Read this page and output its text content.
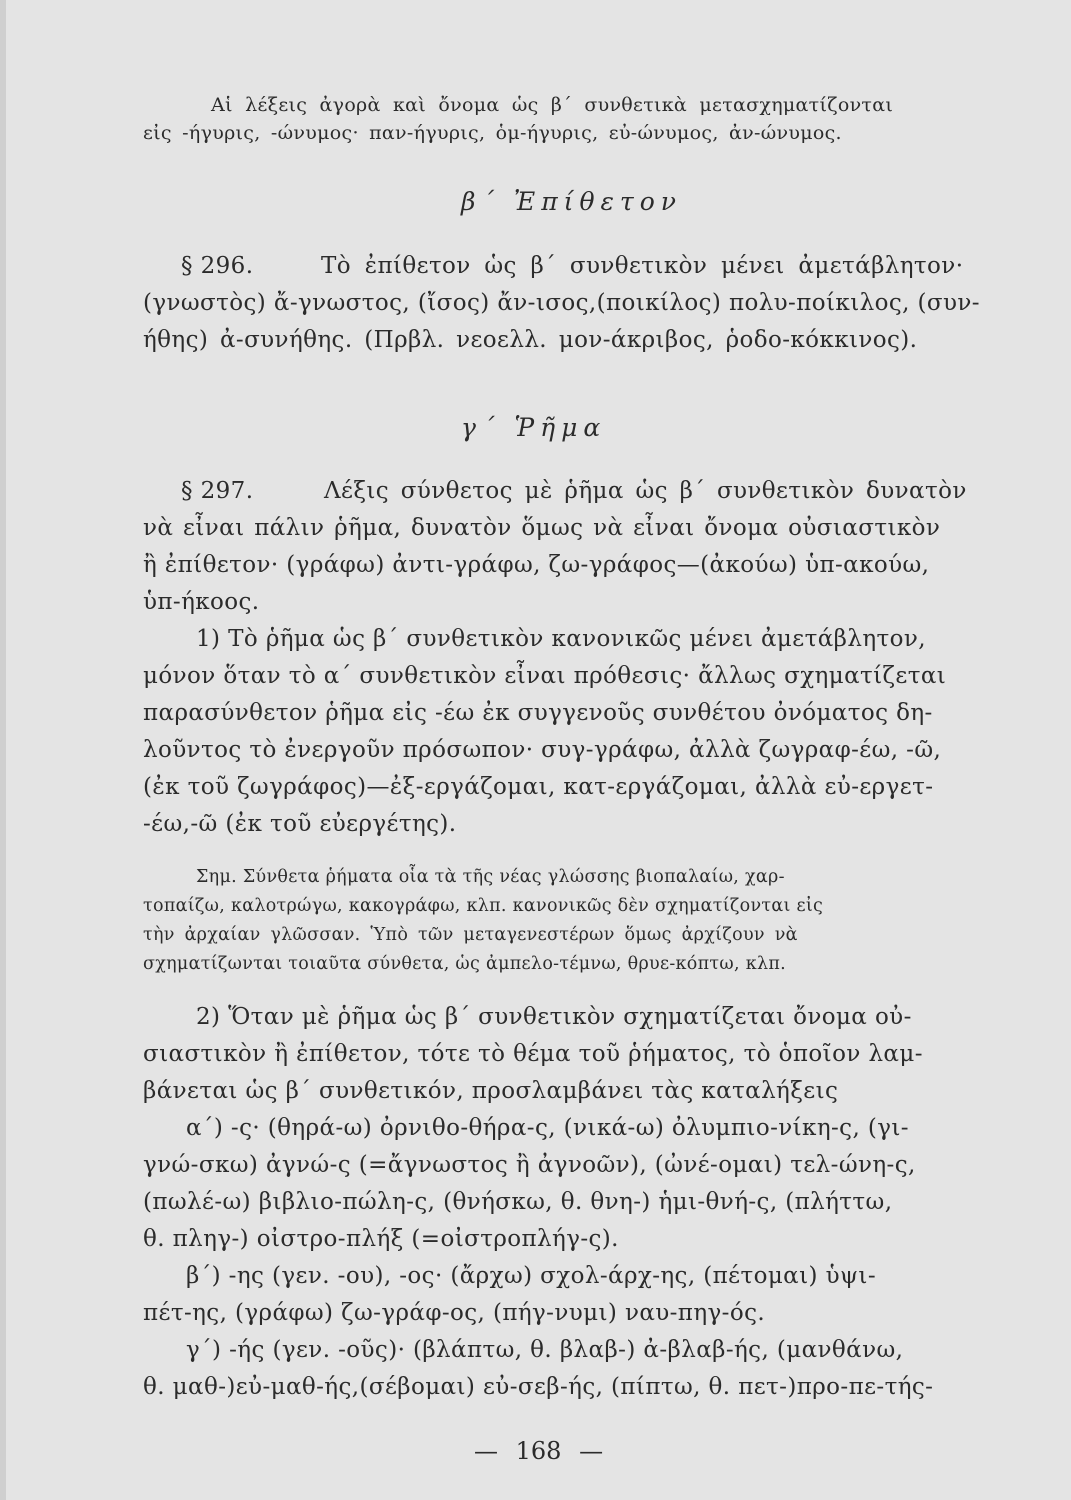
Αἱ λέξεις ἀγορὰ καὶ ὄνομα ὡς β΄ συνθετικὰ μετασχηματίζονται
εἰς -ήγυρις, -ώνυμος· παν-ήγυρις, ὁμ-ήγυρις, εὐ-ώνυμος, ἀν-ώνυμος.
β΄ Ἐπίθετον
§ 296.	Τὸ ἐπίθετον ὡς β΄ συνθετικὸν μένει ἀμετάβλητον·
(γνωστὸς) ἄ-γνωστος, (ἴσος) ἄν-ισος,(ποικίλος) πολυ-ποίκιλος, (συν-
ήθης) ἀ-συνήθης. (Πρβλ. νεοελλ. μον-άκριβος, ῥοδο-κόκκινος).
γ΄ Ῥῆμα
§ 297.	Λέξις σύνθετος μὲ ῥῆμα ὡς β΄ συνθετικὸν δυνατὸν
νὰ εἶναι πάλιν ῥῆμα, δυνατὸν ὅμως νὰ εἶναι ὄνομα οὐσιαστικὸν
ἢ ἐπίθετον· (γράφω) ἀντι-γράφω, ζω-γράφος—(ἀκούω) ὑπ-ακούω,
ὑπ-ήκοος.
1) Τὸ ῥῆμα ὡς β΄ συνθετικὸν κανονικῶς μένει ἀμετάβλητον,
μόνον ὅταν τὸ α΄ συνθετικὸν εἶναι πρόθεσις· ἄλλως σχηματίζεται
παρασύνθετον ῥῆμα εἰς -έω ἐκ συγγενοῦς συνθέτου ὀνόματος δη-
λοῦντος τὸ ἐνεργοῦν πρόσωπον· συγ-γράφω, ἀλλὰ ζωγραφ-έω, -ῶ,
(ἐκ τοῦ ζωγράφος)—ἐξ-εργάζομαι, κατ-εργάζομαι, ἀλλὰ εὐ-εργετ-
-έω,-ῶ (ἐκ τοῦ εὐεργέτης).
Σημ. Σύνθετα ῥήματα οἷα τὰ τῆς νέας γλώσσης βιοπαλαίω, χαρ-
τοπαίζω, καλοτρώγω, κακογράφω, κλπ. κανονικῶς δὲν σχηματίζονται εἰς
τὴν ἀρχαίαν γλῶσσαν. Ὑπὸ τῶν μεταγενεστέρων ὅμως ἀρχίζουν νὰ
σχηματίζωνται τοιαῦτα σύνθετα, ὡς ἀμπελο-τέμνω, θρυε-κόπτω, κλπ.
2) Ὅταν μὲ ῥῆμα ὡς β΄ συνθετικὸν σχηματίζεται ὄνομα οὐ-
σιαστικὸν ἢ ἐπίθετον, τότε τὸ θέμα τοῦ ῥήματος, τὸ ὁποῖον λαμ-
βάνεται ὡς β΄ συνθετικόν, προσλαμβάνει τὰς καταλήξεις
α΄) -ς· (θηρά-ω) ὀρνιθο-θήρα-ς, (νικά-ω) ὀλυμπιο-νίκη-ς, (γι-
γνώ-σκω) ἀγνώ-ς (=ἄγνωστος ἢ ἀγνοῶν), (ὠνέ-ομαι) τελ-ώνη-ς,
(πωλέ-ω) βιβλιο-πώλη-ς, (θνήσκω, θ. θνη-) ἡμι-θνή-ς, (πλήττω,
θ. πληγ-) οἰστρο-πλήξ (=οἰστροπλήγ-ς).
β΄) -ης (γεν. -ου), -ος· (ἄρχω) σχολ-άρχ-ης, (πέτομαι) ὑψι-
πέτ-ης, (γράφω) ζω-γράφ-ος, (πήγ-νυμι) ναυ-πηγ-ός.
γ΄) -ής (γεν. -οῦς)· (βλάπτω, θ. βλαβ-) ἀ-βλαβ-ής, (μανθάνω,
θ. μαθ-)εὐ-μαθ-ής,(σέβομαι) εὐ-σεβ-ής, (πίπτω, θ. πετ-)προ-πε-τής-
— 168 —
